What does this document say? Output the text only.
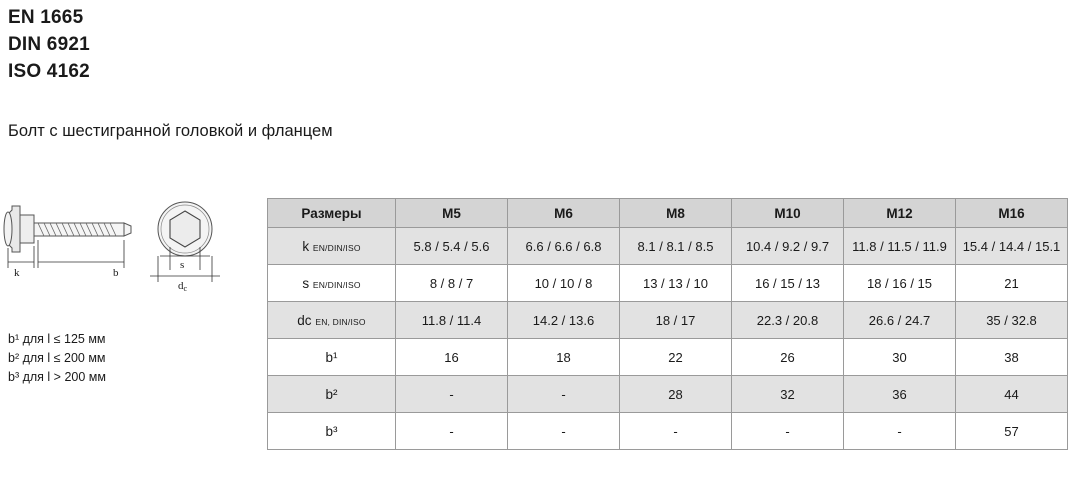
EN 1665
DIN 6921
ISO 4162
Болт с шестигранной головкой и фланцем
k	b
s
dc
b¹ для l ≤ 125 мм
b² для l ≤ 200 мм
b³ для l > 200 мм
Размеры	M5	M6	M8	M10	M12	M16
k EN/DIN/ISO	5.8 / 5.4 / 5.6	6.6 / 6.6 / 6.8	8.1 / 8.1 / 8.5	10.4 / 9.2 / 9.7	11.8 / 11.5 / 11.9	15.4 / 14.4 / 15.1
s EN/DIN/ISO	8 / 8 / 7	10 / 10 / 8	13 / 13 / 10	16 / 15 / 13	18 / 16 / 15	21
dc EN, DIN/ISO	11.8 / 11.4	14.2 / 13.6	18 / 17	22.3 / 20.8	26.6 / 24.7	35 / 32.8
b¹	16	18	22	26	30	38
b²	-	-	28	32	36	44
b³	-	-	-	-	-	57
